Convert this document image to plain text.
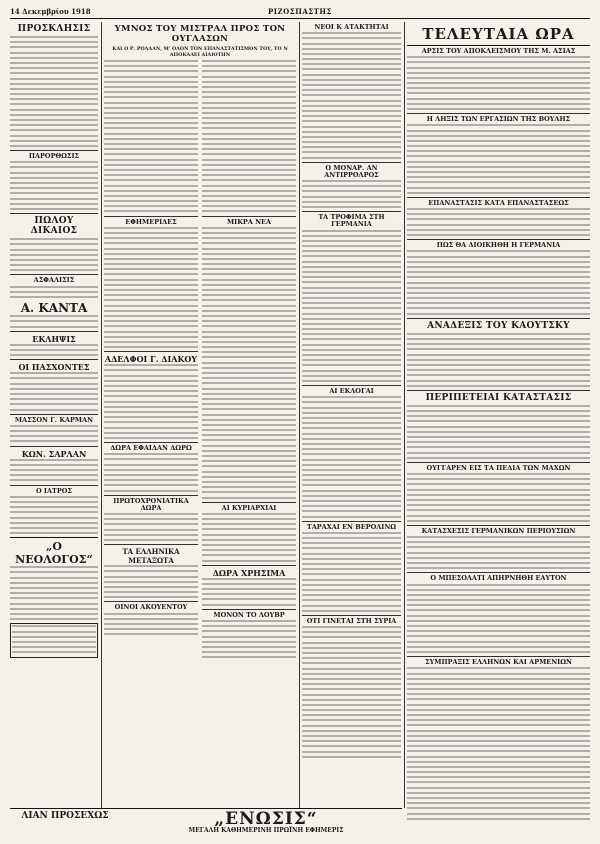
14 Δεκεμβρίου 1918	ΡΙΖΟΣΠΑΣΤΗΣ
ΠΡΟΣΚΛΗΣΙΣ
ΠΑΡΟΡΘΩΣΙΣ
ΠΩΛΟΥ ΔΙΚΑΙΟΣ
ΑΣΦΑΛΙΣΙΣ
Α. ΚΑΝΤΑ
ΕΚΛΗΨΙΣ
ΟΙ ΠΑΣΧΟΝΤΕΣ
ΜΑΣΣΟΝ Γ. ΚΑΡΜΑΝ
ΚΩΝ. ΣΑΡΛΑΝ
Ο ΙΑΤΡΟΣ
„Ο ΝΕΟΛΟΓΟΣ“
ΥΜΝΟΣ ΤΟΥ ΜΙΣΤΡΑΛ ΠΡΟΣ ΤΟΝ ΟΥΓΛΑΣΩΝ
ΚΑΙ Ο Ρ. ΡΟΛΛΑΝ, Μ' ΟΛΟΝ ΤΟΝ ΕΠΑΝΑΣΤΑΤΙΣΜΟΝ ΤΟΥ, ΤΟ Ν ΑΠΟΚΑΛΕΙ ΔΙΑΙΟΤΗΝ
ΕΦΗΜΕΡΙΔΕΣ
ΑΔΕΛΦΟΙ Γ. ΔΙΑΚΟΥ
ΔΩΡΑ ΕΦΑΙΔΑΝ ΔΩΡΩ
ΠΡΩΤΟΧΡΟΝΙΑΤΙΚΑ ΔΩΡΑ
ΤΑ ΕΛΛΗΝΙΚΑ ΜΕΤΑΞΩΤΑ
ΟΙΝΟΙ ΑΚΟΥΕΝΤΟΥ
ΜΙΚΡΑ ΝΕΑ
ΑΙ ΚΥΡΙΑΡΧΙΑΙ
ΔΩΡΑ ΧΡΗΣΙΜΑ
ΜΟΝΟΝ ΤΟ ΛΟΥΒΡ
ΝΕΟΙ Κ ΑΤΑΚΤΗΤΑΙ
Ο ΜΟΝΑΡ. ΑΝ ΑΝΤΙΡΡΟΛΡΟΣ
ΤΑ ΤΡΟΦΙΜΑ ΣΤΗ ΓΕΡΜΑΝΙΑ
ΑΙ ΕΚΛΟΓΑΙ
ΤΑΡΑΧΑΙ ΕΝ ΒΕΡΟΛΙΝΩ
ΟΤΙ ΓΙΝΕΤΑΙ ΣΤΗ ΣΥΡΙΑ
ΤΕΛΕΥΤΑΙΑ ΩΡΑ
ΑΡΣΙΣ ΤΟΥ ΑΠΟΚΛΕΙΣΜΟΥ ΤΗΣ Μ. ΑΣΙΑΣ
Η ΛΗΞΙΣ ΤΩΝ ΕΡΓΑΣΙΩΝ ΤΗΣ ΒΟΥΛΗΣ
ΕΠΑΝΑΣΤΑΣΙΣ ΚΑΤΑ ΕΠΑΝΑΣΤΑΣΕΩΣ
ΠΩΣ ΘΑ ΔΙΟΙΚΗΘΗ Η ΓΕΡΜΑΝΙΑ
ΑΝΑΔΕΞΙΣ ΤΟΥ ΚΑΟΥΤΣΚΥ
ΠΕΡΙΠΕΤΕΙΑΙ ΚΑΤΑΣΤΑΣΙΣ
ΟΥΓΓΑΡΕΝ ΕΙΣ ΤΑ ΠΕΔΙΑ ΤΩΝ ΜΑΧΩΝ
ΚΑΤΑΣΧΕΣΙΣ ΓΕΡΜΑΝΙΚΩΝ ΠΕΡΙΟΥΣΙΩΝ
Ο ΜΠΕΣΟΛΑΤΙ ΑΠΗΡΝΗΘΗ ΕΑΥΤΟΝ
ΣΥΜΠΡΑΞΙΣ ΕΛΛΗΝΩΝ ΚΑΙ ΑΡΜΕΝΙΩΝ
ΛΙΑΝ ΠΡΟΣΕΧΩΣ	„ΕΝΩΣΙΣ“
ΜΕΓΑΛΗ ΚΑΘΗΜΕΡΙΝΗ ΠΡΩΪΝΗ ΕΦΗΜΕΡΙΣ
